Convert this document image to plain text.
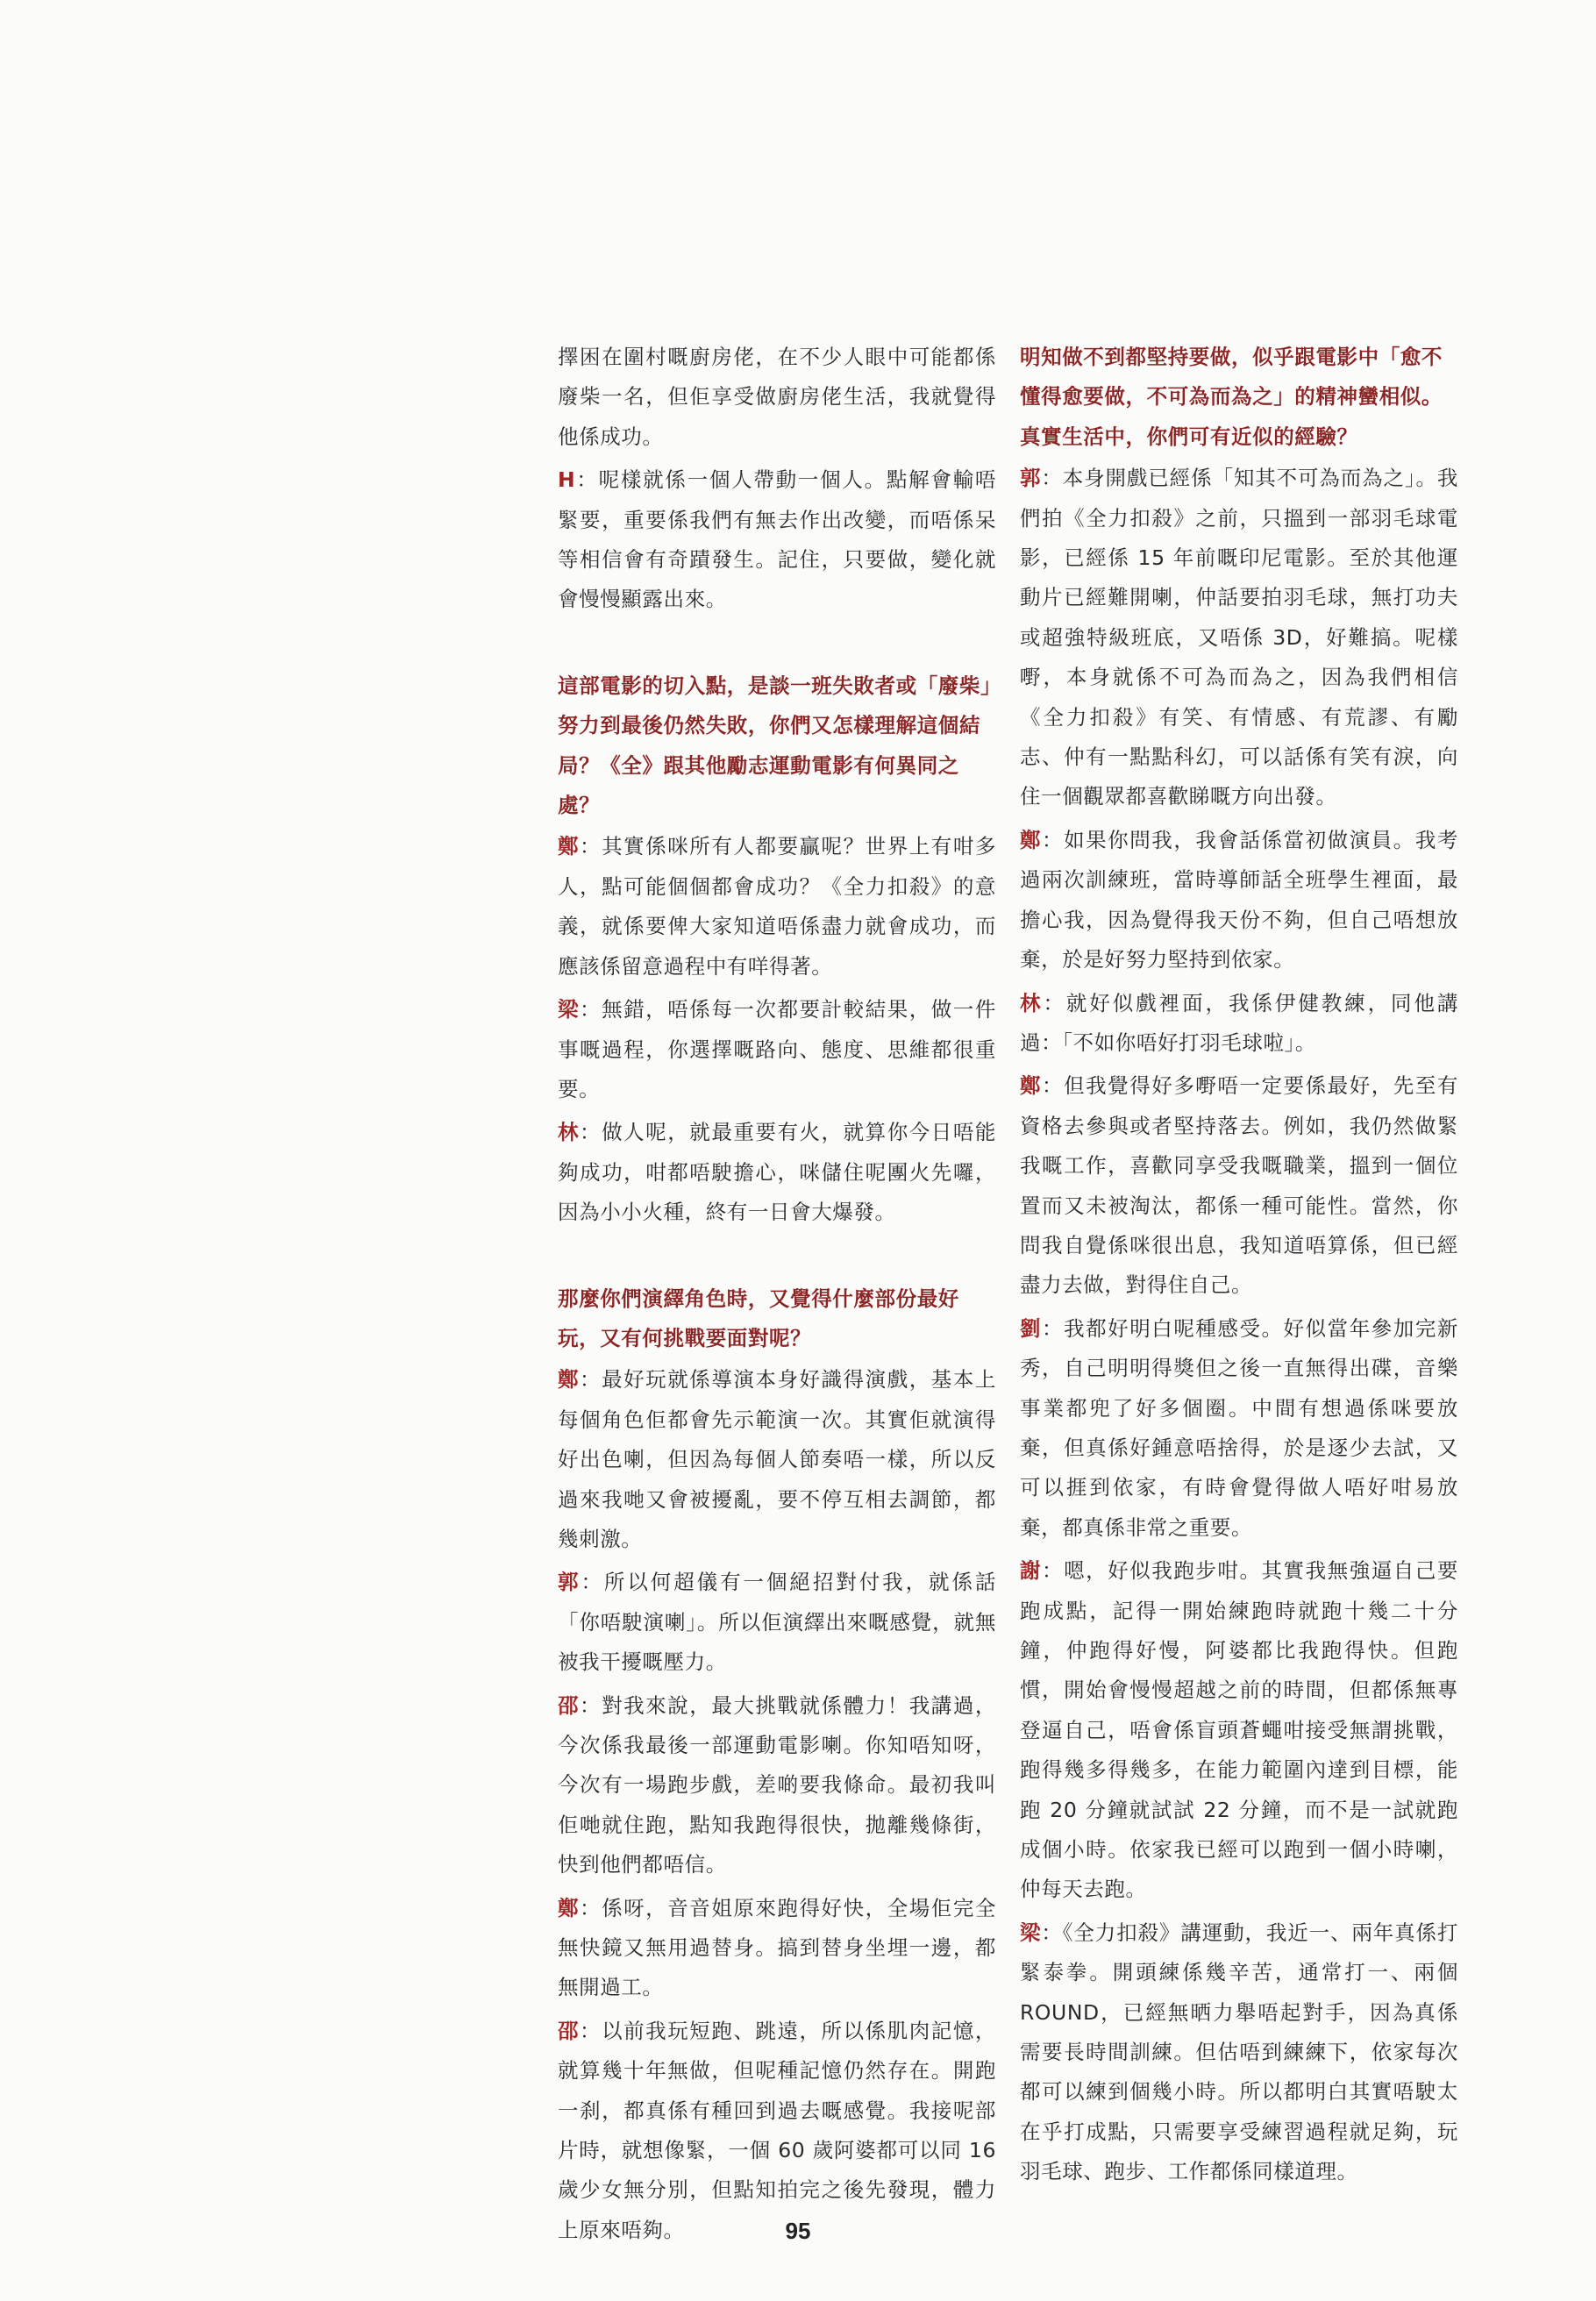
擇困在圍村嘅廚房佬，在不少人眼中可能都係廢柴一名，但佢享受做廚房佬生活，我就覺得他係成功。

H：呢樣就係一個人帶動一個人。點解會輸唔緊要，重要係我們有無去作出改變，而唔係呆等相信會有奇蹟發生。記住，只要做，變化就會慢慢顯露出來。

這部電影的切入點，是談一班失敗者或「廢柴」努力到最後仍然失敗，你們又怎樣理解這個結局？《全》跟其他勵志運動電影有何異同之處？

鄭：其實係咪所有人都要贏呢？世界上有咁多人，點可能個個都會成功？《全力扣殺》的意義，就係要俾大家知道唔係盡力就會成功，而應該係留意過程中有咩得著。

梁：無錯，唔係每一次都要計較結果，做一件事嘅過程，你選擇嘅路向、態度、思維都很重要。

林：做人呢，就最重要有火，就算你今日唔能夠成功，咁都唔駛擔心，咪儲住呢團火先囉，因為小小火種，終有一日會大爆發。

那麼你們演繹角色時，又覺得什麼部份最好玩，又有何挑戰要面對呢？

鄭：最好玩就係導演本身好識得演戲，基本上每個角色佢都會先示範演一次。其實佢就演得好出色喇，但因為每個人節奏唔一樣，所以反過來我哋又會被擾亂，要不停互相去調節，都幾刺激。

郭：所以何超儀有一個絕招對付我，就係話「你唔駛演喇」。所以佢演繹出來嘅感覺，就無被我干擾嘅壓力。

邵：對我來說，最大挑戰就係體力！我講過，今次係我最後一部運動電影喇。你知唔知呀，今次有一場跑步戲，差啲要我條命。最初我叫佢哋就住跑，點知我跑得很快，拋離幾條街，快到他們都唔信。

鄭：係呀，音音姐原來跑得好快，全場佢完全無快鏡又無用過替身。搞到替身坐埋一邊，都無開過工。

邵：以前我玩短跑、跳遠，所以係肌肉記憶，就算幾十年無做，但呢種記憶仍然存在。開跑一刹，都真係有種回到過去嘅感覺。我接呢部片時，就想像緊，一個 60 歲阿婆都可以同 16 歲少女無分別，但點知拍完之後先發現，體力上原來唔夠。

明知做不到都堅持要做，似乎跟電影中「愈不懂得愈要做，不可為而為之」的精神蠻相似。真實生活中，你們可有近似的經驗？

郭：本身開戲已經係「知其不可為而為之」。我們拍《全力扣殺》之前，只搵到一部羽毛球電影，已經係 15 年前嘅印尼電影。至於其他運動片已經難開喇，仲話要拍羽毛球，無打功夫或超強特級班底，又唔係 3D，好難搞。呢樣嘢，本身就係不可為而為之，因為我們相信《全力扣殺》有笑、有情感、有荒謬、有勵志、仲有一點點科幻，可以話係有笑有淚，向住一個觀眾都喜歡睇嘅方向出發。

鄭：如果你問我，我會話係當初做演員。我考過兩次訓練班，當時導師話全班學生裡面，最擔心我，因為覺得我天份不夠，但自己唔想放棄，於是好努力堅持到依家。

林：就好似戲裡面，我係伊健教練，同他講過：「不如你唔好打羽毛球啦」。

鄭：但我覺得好多嘢唔一定要係最好，先至有資格去參與或者堅持落去。例如，我仍然做緊我嘅工作，喜歡同享受我嘅職業，搵到一個位置而又未被淘汰，都係一種可能性。當然，你問我自覺係咪很出息，我知道唔算係，但已經盡力去做，對得住自己。

劉：我都好明白呢種感受。好似當年參加完新秀，自己明明得獎但之後一直無得出碟，音樂事業都兜了好多個圈。中間有想過係咪要放棄，但真係好鍾意唔捨得，於是逐少去試，又可以捱到依家，有時會覺得做人唔好咁易放棄，都真係非常之重要。

謝：嗯，好似我跑步咁。其實我無強逼自己要跑成點，記得一開始練跑時就跑十幾二十分鐘，仲跑得好慢，阿婆都比我跑得快。但跑慣，開始會慢慢超越之前的時間，但都係無專登逼自己，唔會係盲頭蒼蠅咁接受無謂挑戰，跑得幾多得幾多，在能力範圍內達到目標，能跑 20 分鐘就試試 22 分鐘，而不是一試就跑成個小時。依家我已經可以跑到一個小時喇，仲每天去跑。

梁：《全力扣殺》講運動，我近一、兩年真係打緊泰拳。開頭練係幾辛苦，通常打一、兩個 ROUND，已經無晒力舉唔起對手，因為真係需要長時間訓練。但估唔到練練下，依家每次都可以練到個幾小時。所以都明白其實唔駛太在乎打成點，只需要享受練習過程就足夠，玩羽毛球、跑步、工作都係同樣道理。

95
